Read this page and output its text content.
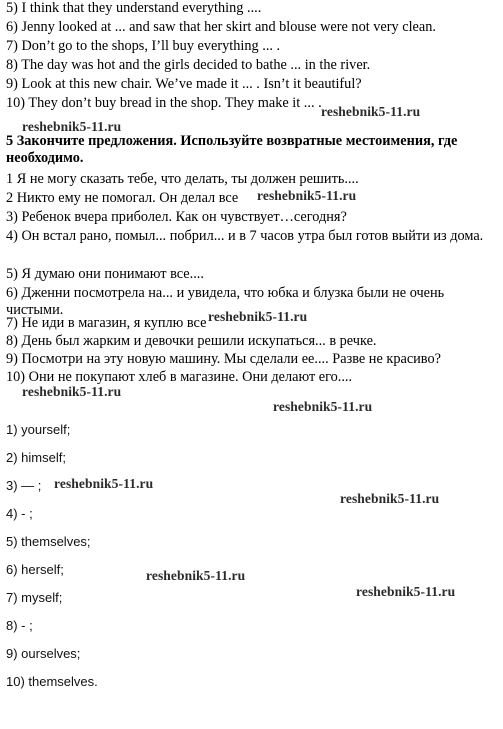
5) I think that they understand everything ....
6) Jenny looked at ... and saw that her skirt and blouse were not very clean.
7) Don’t go to the shops, I’ll buy everything ... .
8) The day was hot and the girls decided to bathe ... in the river.
9) Look at this new chair. We’ve made it ... . Isn’t it beautiful?
10) They don’t buy bread in the shop. They make it ... .
5 Закончите предложения. Используйте возвратные местоимения, где необходимо.
1 Я не могу сказать тебе, что делать, ты должен решить....
2 Никто ему не помогал. Он делал все
3) Ребенок вчера приболел. Как он чувствует…сегодня?
4) Он встал рано, помыл... побрил... и в 7 часов утра был готов выйти из дома.
5) Я думаю они понимают все....
6) Дженни посмотрела на... и увидела, что юбка и блузка были не очень чистыми.
7) Не иди в магазин, я куплю все
8) День был жарким и девочки решили искупаться... в речке.
9) Посмотри на эту новую машину. Мы сделали ее.... Разве не красиво?
10) Они не покупают хлеб в магазине. Они делают его....
1) yourself;
2) himself;
3) — ;
4) - ;
5) themselves;
6) herself;
7) myself;
8) - ;
9) ourselves;
10) themselves.
reshebnik5-11.ru
reshebnik5-11.ru
reshebnik5-11.ru
reshebnik5-11.ru
reshebnik5-11.ru
reshebnik5-11.ru
reshebnik5-11.ru
reshebnik5-11.ru
reshebnik5-11.ru
reshebnik5-11.ru
